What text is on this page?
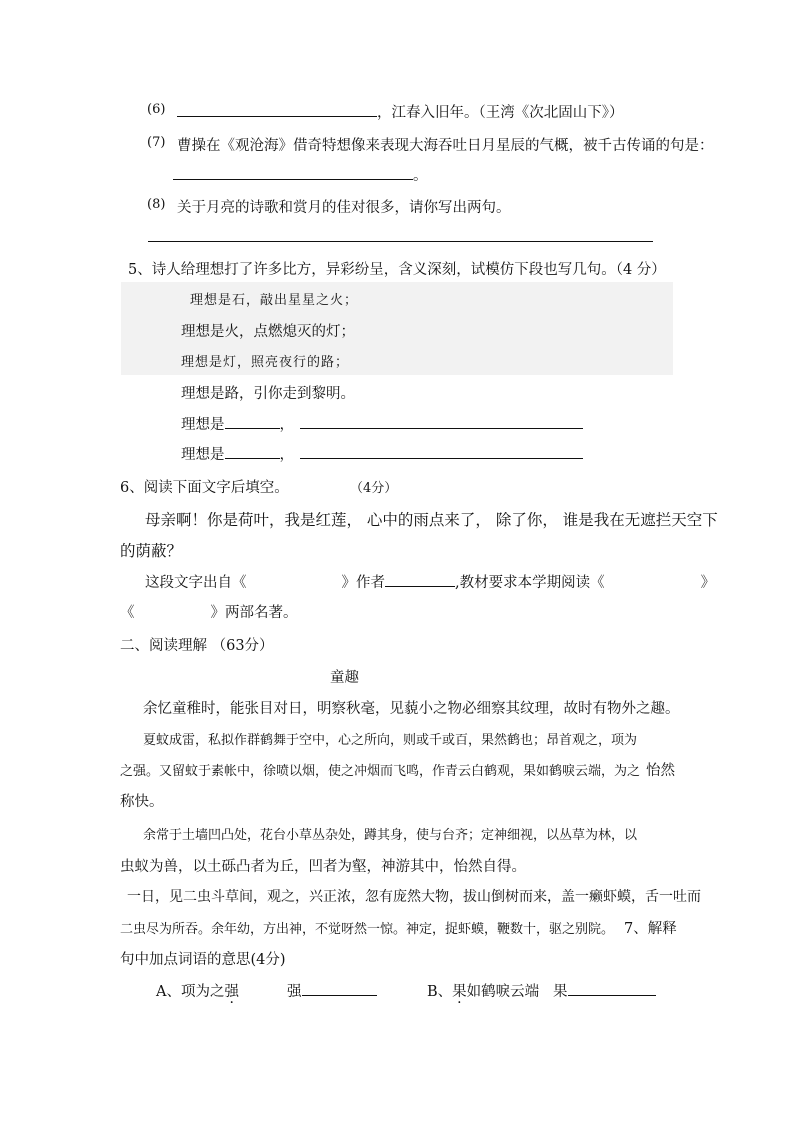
(6)	，江春入旧年。（王湾《次北固山下》）
(7) 曹操在《观沧海》借奇特想像来表现大海吞吐日月星辰的气概，被千古传诵的句是：
。
(8) 关于月亮的诗歌和赏月的佳对很多，请你写出两句。
5、诗人给理想打了许多比方，异彩纷呈，含义深刻，试模仿下段也写几句。（4 分）
理想是石，敲出星星之火；
理想是火，点燃熄灭的灯；
理想是灯，照亮夜行的路；
理想是路，引你走到黎明。
理想是	，
理想是	，
6、阅读下面文字后填空。	（4分）
母亲啊！你是荷叶，我是红莲， 心中的雨点来了， 除了你， 谁是我在无遮拦天空下
的荫蔽？
这段文字出自《	》作者	,教材要求本学期阅读《	》
《	》两部名著。
二、阅读理解 （63分）
童趣
余忆童稚时，能张目对日，明察秋毫，见藐小之物必细察其纹理，故时有物外之趣。
夏蚊成雷，私拟作群鹤舞于空中，心之所向，则或千或百，果然鹤也；昂首观之，项为
之强。又留蚊于素帐中，徐喷以烟，使之冲烟而飞鸣，作青云白鹤观，果如鹤唳云端，为之 怡然
称快。
余常于土墙凹凸处，花台小草丛杂处，蹲其身，使与台齐；定神细视，以丛草为林，以
虫蚁为兽，以土砾凸者为丘，凹者为壑，神游其中，怡然自得。
一日，见二虫斗草间，观之，兴正浓，忽有庞然大物，拔山倒树而来，盖一癞虾蟆，舌一吐而
二虫尽为所吞。余年幼，方出神，不觉呀然一惊。神定，捉虾蟆，鞭数十，驱之别院。 7、解释
句中加点词语的意思(4分)
A、项为之强	强	B、果如鹤唳云端 果
